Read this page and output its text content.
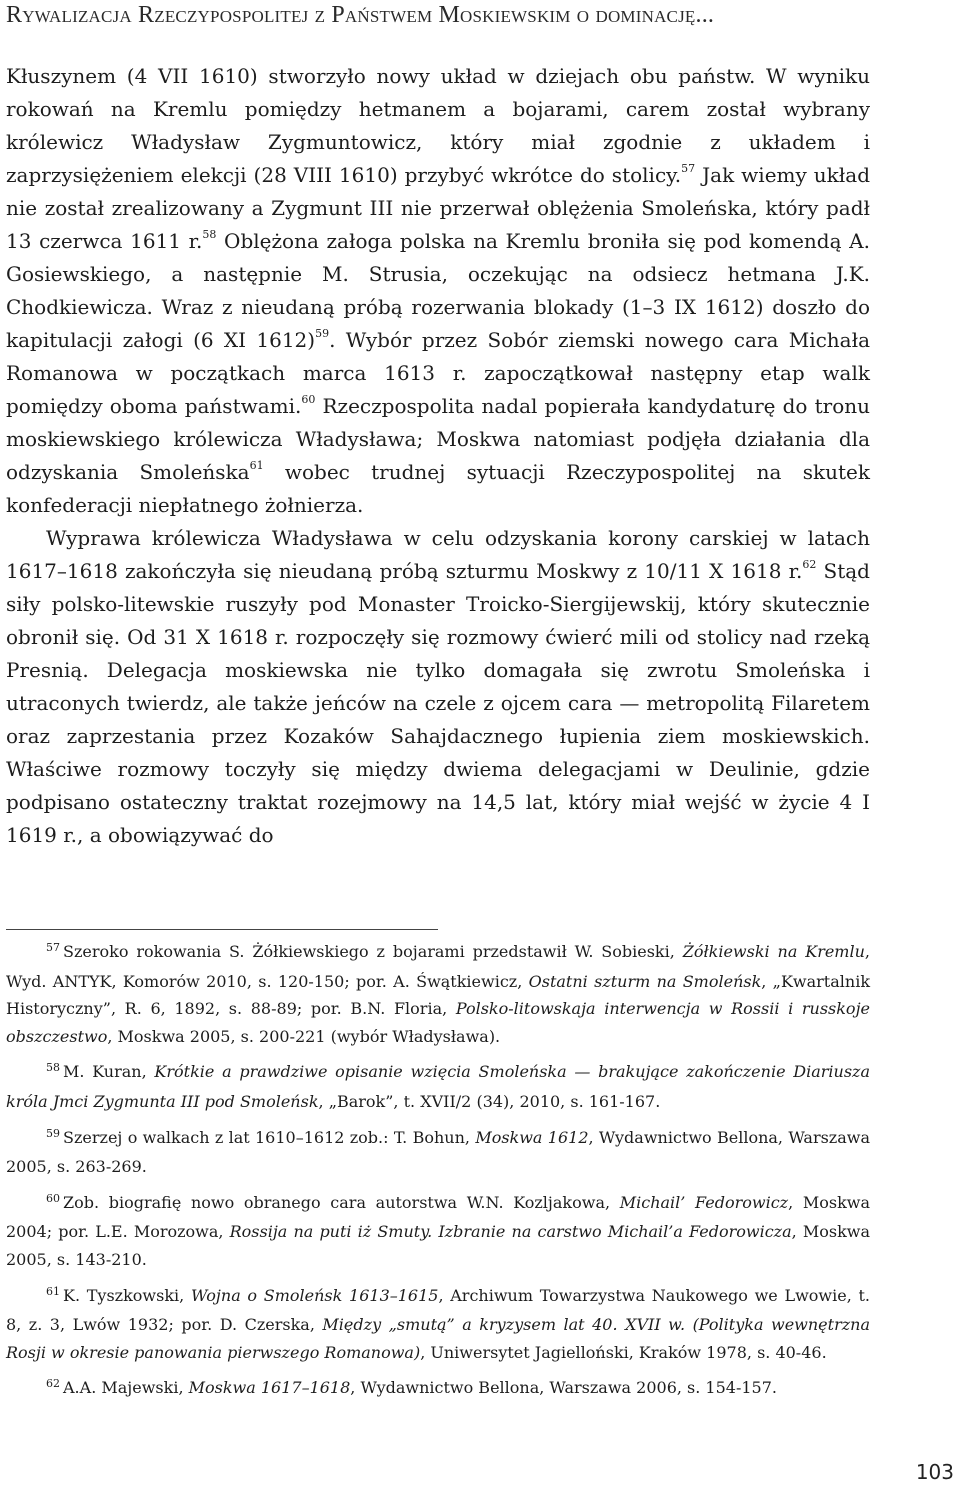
Rywalizacja Rzeczypospolitej z Państwem Moskiewskim o dominację...

Kłuszynem (4 VII 1610) stworzyło nowy układ w dziejach obu państw. W wyniku rokowań na Kremlu pomiędzy hetmanem a bojarami, carem został wybrany królewicz Władysław Zygmuntowicz, który miał zgodnie z układem i zaprzysiężeniem elekcji (28 VIII 1610) przybyć wkrótce do stolicy.$^{57}$ Jak wiemy układ nie został zrealizowany a Zygmunt III nie przerwał oblężenia Smoleńska, który padł 13 czerwca 1611 r.$^{58}$ Oblężona załoga polska na Kremlu broniła się pod komendą A. Gosiewskiego, a następnie M. Strusia, oczekując na odsiecz hetmana J.K. Chodkiewicza. Wraz z nieudaną próbą rozerwania blokady (1–3 IX 1612) doszło do kapitulacji załogi (6 XI 1612)$^{59}$. Wybór przez Sobór ziemski nowego cara Michała Romanowa w początkach marca 1613 r. zapoczątkował następny etap walk pomiędzy oboma państwami.$^{60}$ Rzeczpospolita nadal popierała kandydaturę do tronu moskiewskiego królewicza Władysława; Moskwa natomiast podjęła działania dla odzyskania Smoleńska$^{61}$ wobec trudnej sytuacji Rzeczypospolitej na skutek konfederacji niepłatnego żołnierza.

Wyprawa królewicza Władysława w celu odzyskania korony carskiej w latach 1617–1618 zakończyła się nieudaną próbą szturmu Moskwy z 10/11 X 1618 r.$^{62}$ Stąd siły polsko-litewskie ruszyły pod Monaster Troicko-Siergijewskij, który skutecznie obronił się. Od 31 X 1618 r. rozpoczęły się rozmowy ćwierć mili od stolicy nad rzeką Presnią. Delegacja moskiewska nie tylko domagała się zwrotu Smoleńska i utraconych twierdz, ale także jeńców na czele z ojcem cara — metropolitą Filaretem oraz zaprzestania przez Kozaków Sahajdacznego łupienia ziem moskiewskich. Właściwe rozmowy toczyły się między dwiema delegacjami w Deulinie, gdzie podpisano ostateczny traktat rozejmowy na 14,5 lat, który miał wejść w życie 4 I 1619 r., a obowiązywać do

$^{57}$ Szeroko rokowania S. Żółkiewskiego z bojarami przedstawił W. Sobieski, Żółkiewski na Kremlu, Wyd. ANTYK, Komorów 2010, s. 120-150; por. A. Śwątkiewicz, Ostatni szturm na Smoleńsk, „Kwartalnik Historyczny”, R. 6, 1892, s. 88-89; por. B.N. Floria, Polsko-litowskaja interwencja w Rossii i russkoje obszczestwo, Moskwa 2005, s. 200-221 (wybór Władysława).

$^{58}$ M. Kuran, Krótkie a prawdziwe opisanie wzięcia Smoleńska — brakujące zakończenie Diariusza króla Jmci Zygmunta III pod Smoleńsk, „Barok”, t. XVII/2 (34), 2010, s. 161-167.

$^{59}$ Szerzej o walkach z lat 1610–1612 zob.: T. Bohun, Moskwa 1612, Wydawnictwo Bellona, Warszawa 2005, s. 263-269.

$^{60}$ Zob. biografię nowo obranego cara autorstwa W.N. Kozljakowa, Michail’ Fedorowicz, Moskwa 2004; por. L.E. Morozowa, Rossija na puti iż Smuty. Izbranie na carstwo Michail’a Fedorowicza, Moskwa 2005, s. 143-210.

$^{61}$ K. Tyszkowski, Wojna o Smoleńsk 1613–1615, Archiwum Towarzystwa Naukowego we Lwowie, t. 8, z. 3, Lwów 1932; por. D. Czerska, Między „smutą” a kryzysem lat 40. XVII w. (Polityka wewnętrzna Rosji w okresie panowania pierwszego Romanowa), Uniwersytet Jagielloński, Kraków 1978, s. 40-46.

$^{62}$ A.A. Majewski, Moskwa 1617–1618, Wydawnictwo Bellona, Warszawa 2006, s. 154-157.

103
